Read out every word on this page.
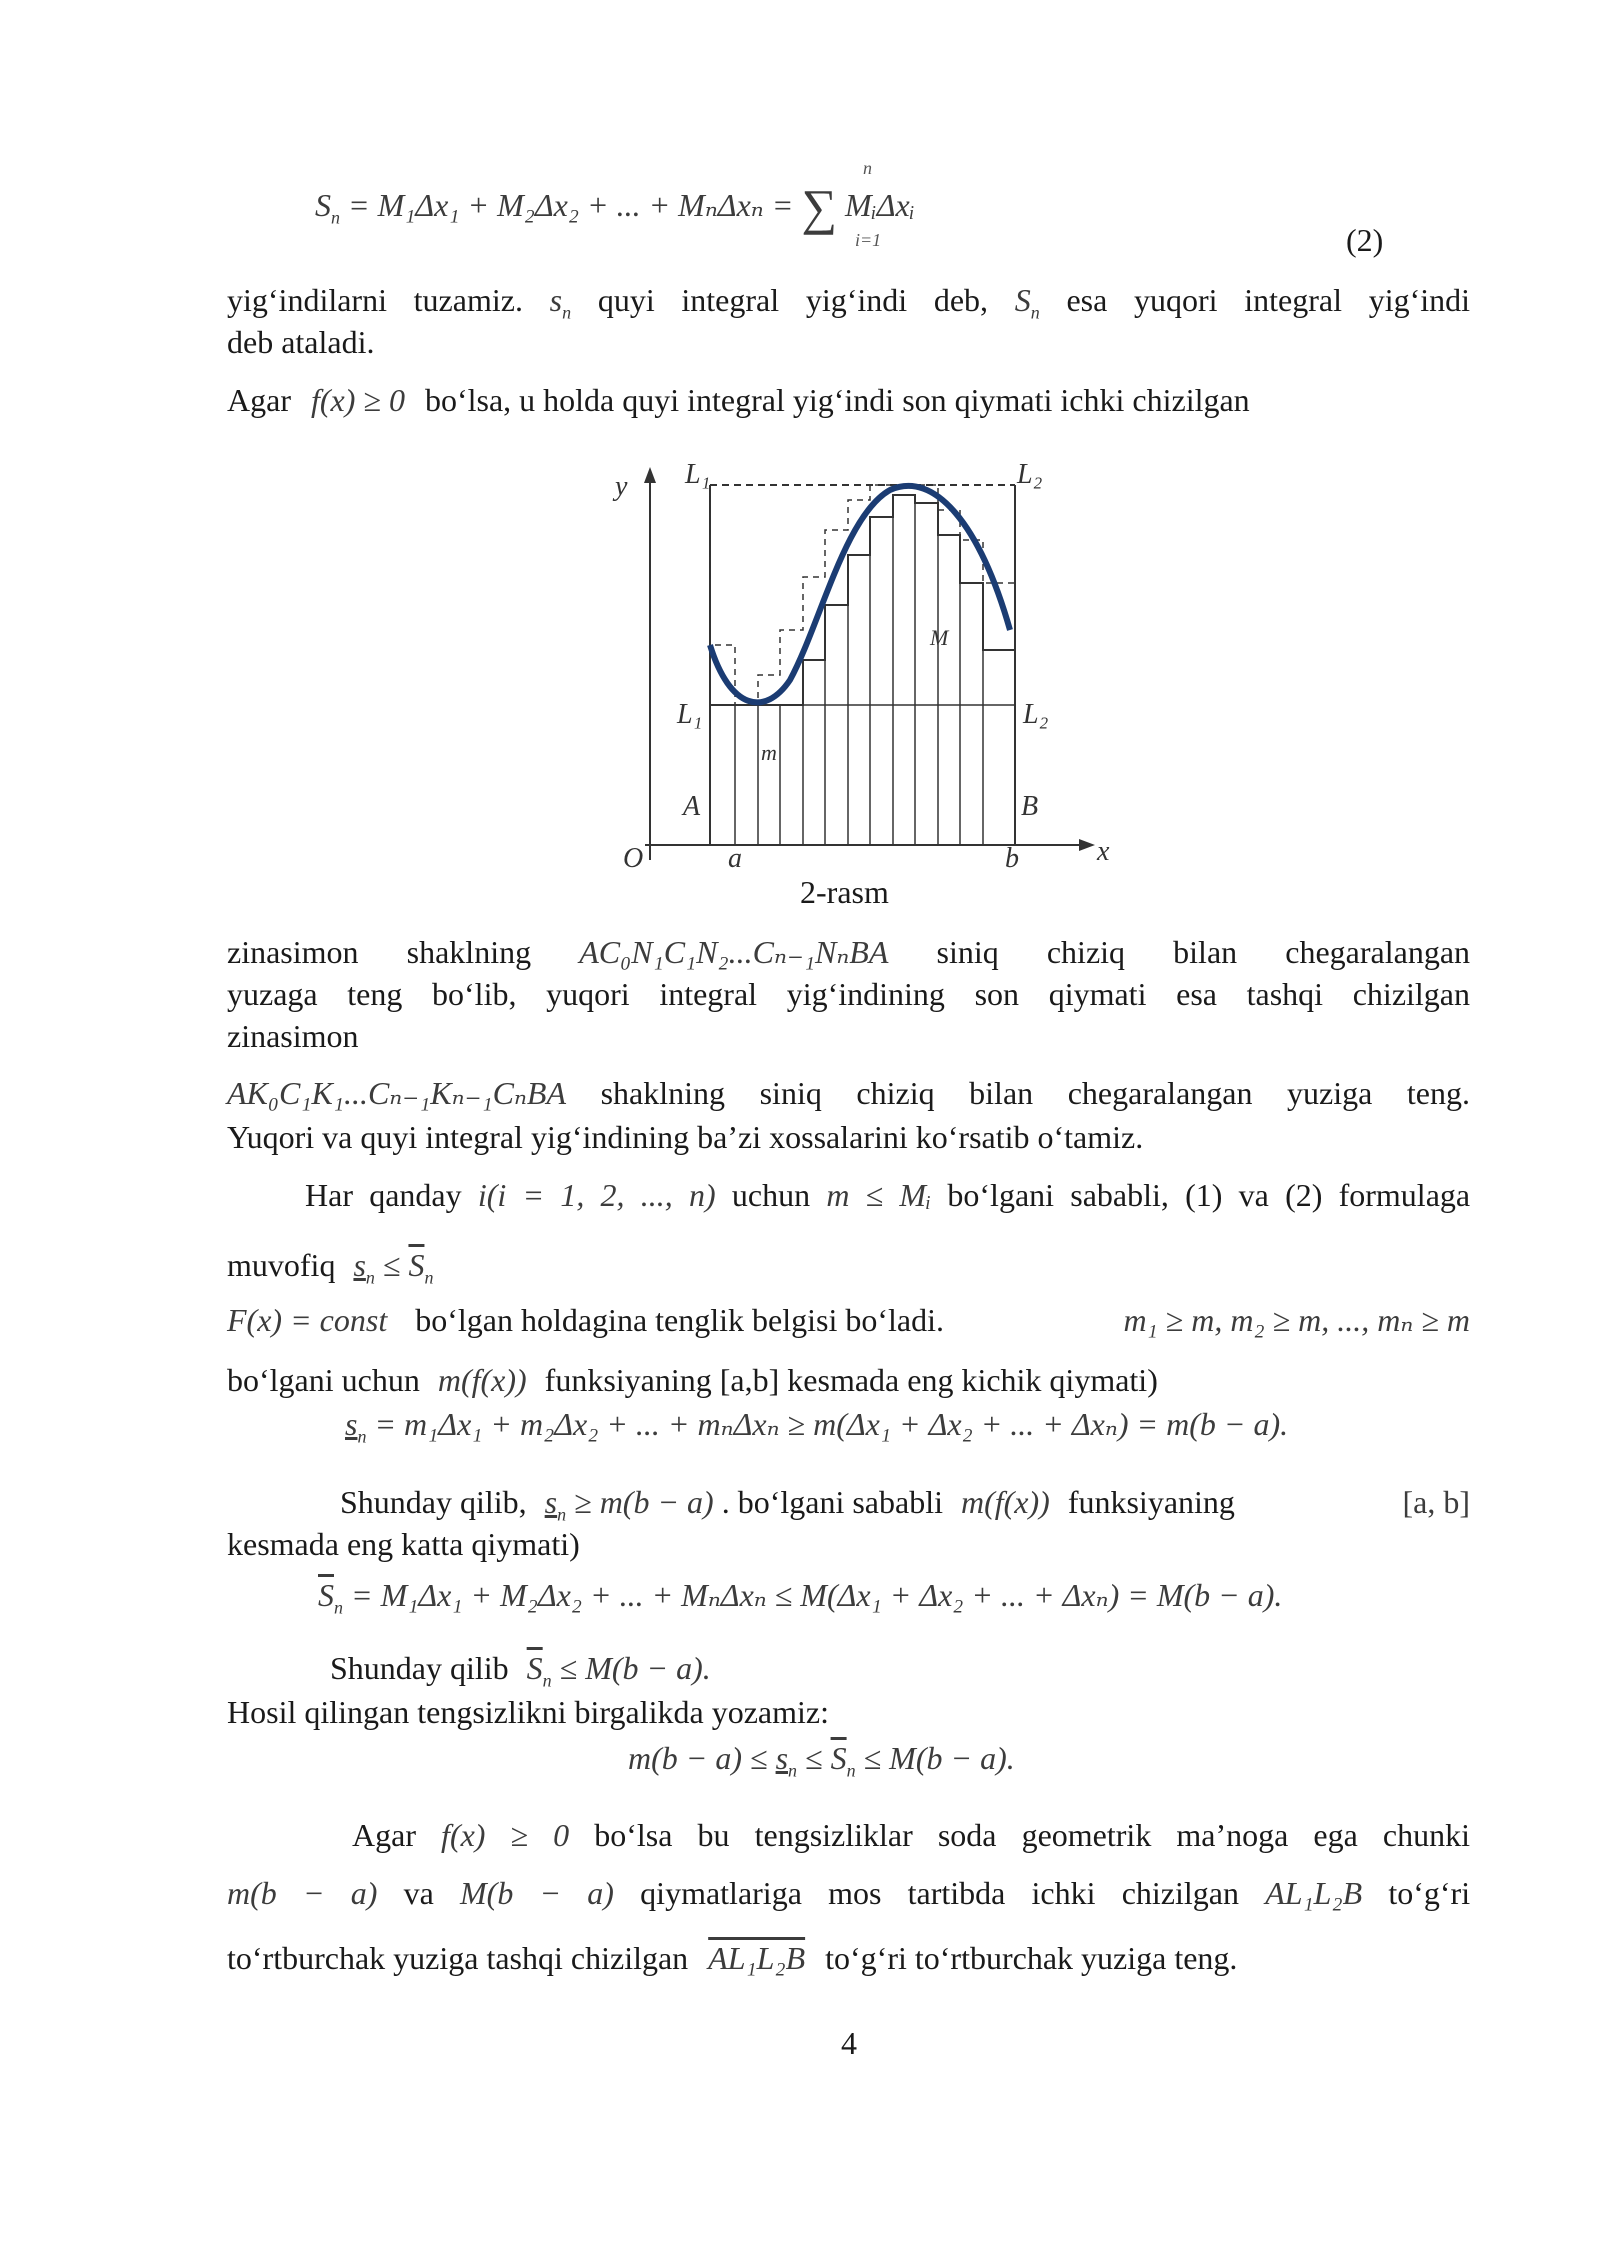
$S_n = M_1\Delta x_1 + M_2\Delta x_2$ + ... + MₙΔxₙ = ∑ MᵢΔxᵢ
n
i=1	(2)
yig‘indilarni tuzamiz. $s_n$ quyi integral yig‘indi deb, $S_n$ esa yuqori integral yig‘indi
deb ataladi.
Agar f(x) ≥ 0 bo‘lsa, u holda quyi integral yig‘indi son qiymati ichki chizilgan
y
x
O	a	b
A	B
L₁	L₂
L₁	L₂
M
m
2-rasm
zinasimon shaklning AC₀N₁C₁N₂...Cₙ₋₁NₙBA siniq chiziq bilan chegaralangan
yuzaga teng bo‘lib, yuqori integral yig‘indining son qiymati esa tashqi chizilgan
zinasimon
AK₀C₁K₁...Cₙ₋₁Kₙ₋₁CₙBA shaklning siniq chiziq bilan chegaralangan yuziga teng.
Yuqori va quyi integral yig‘indining ba’zi xossalarini ko‘rsatib o‘tamiz.
Har qanday i(i = 1, 2, ..., n) uchun m ≤ Mᵢ bo‘lgani sababli, (1) va (2) formulaga
muvofiq $s_n \le \overline{S}_n$
F(x) = const bo‘lgan holdagina tenglik belgisi bo‘ladi.	m₁ ≥ m, m₂ ≥ m, ..., mₙ ≥ m
bo‘lgani uchun m(f(x)) funksiyaning [a,b] kesmada eng kichik qiymati)
$s_n = m_1\Delta x_1 + m_2\Delta x_2$ + ... + mₙΔxₙ ≥ m(Δx₁ + Δx₂ + ... + Δxₙ) = m(b − a).
Shunday qilib, $s_n \ge m(b - a)$ . bo‘lgani sababli m(f(x)) funksiyaning	[a, b]
kesmada eng katta qiymati)
$\overline{S}_n = M_1\Delta x_1 + M_2\Delta x_2$ + ... + MₙΔxₙ ≤ M(Δx₁ + Δx₂ + ... + Δxₙ) = M(b − a).
Shunday qilib $\overline{S}_n \le M(b - a)$.
Hosil qilingan tengsizlikni birgalikda yozamiz:
$m(b - a) \le s_n \le \overline{S}_n \le M(b - a)$.
Agar f(x) ≥ 0 bo‘lsa bu tengsizliklar soda geometrik ma’noga ega chunki
m(b − a) va M(b − a) qiymatlariga mos tartibda ichki chizilgan AL₁L₂B to‘g‘ri
to‘rtburchak yuziga tashqi chizilgan AL₁L₂B to‘g‘ri to‘rtburchak yuziga teng.
4
